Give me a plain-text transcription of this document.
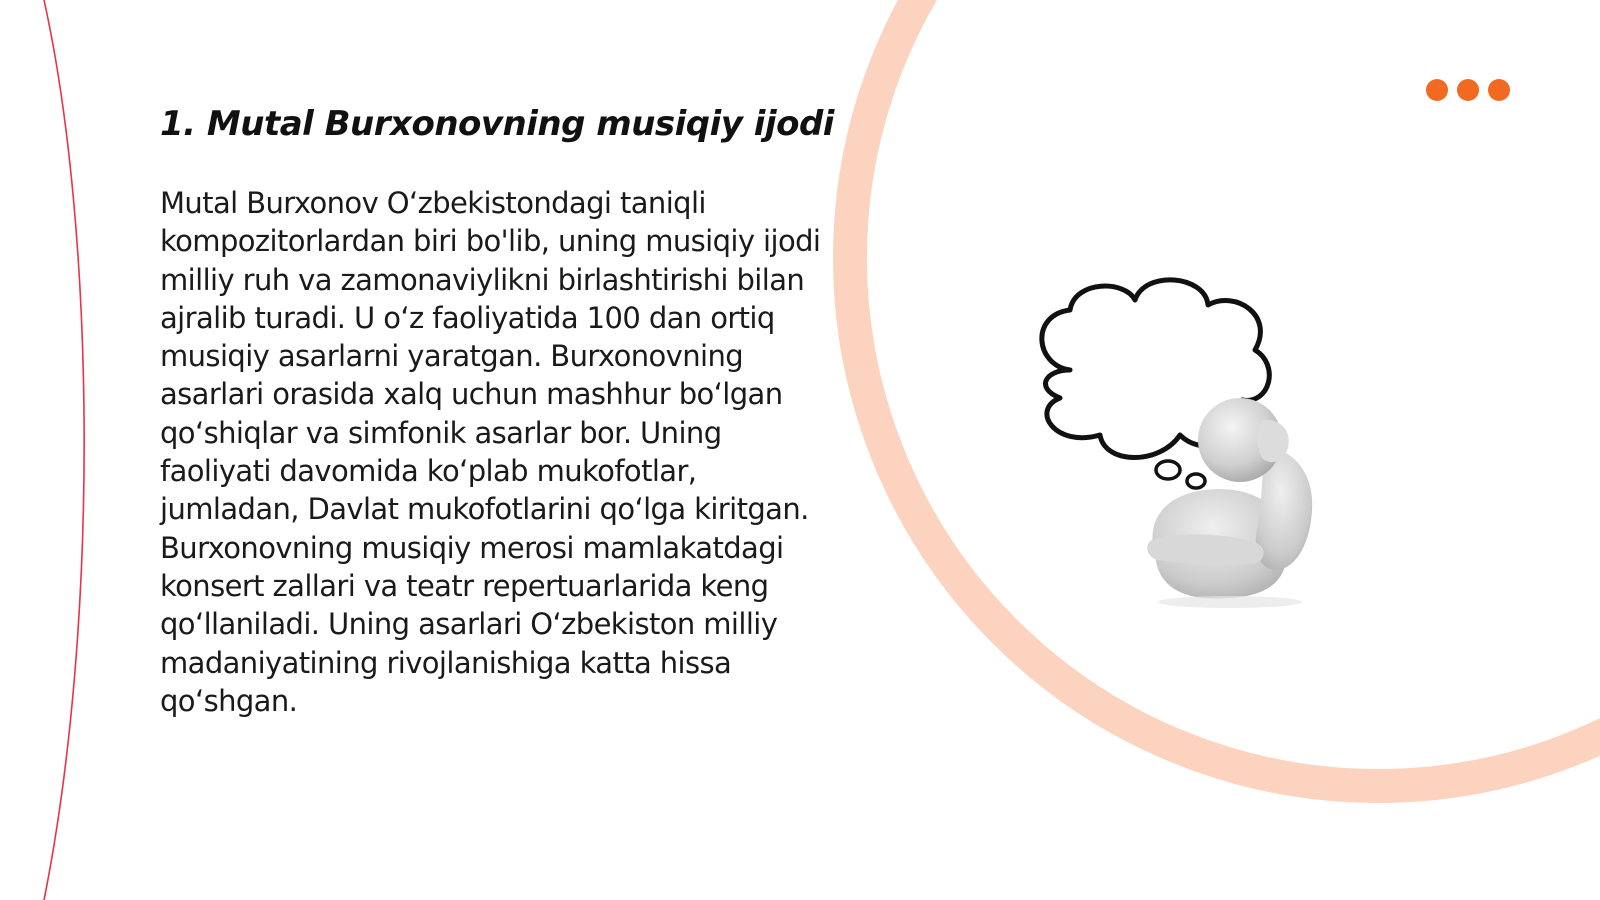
1. Mutal Burxonovning musiqiy ijodi

Mutal Burxonov O‘zbekistondagi taniqli kompozitorlardan biri bo'lib, uning musiqiy ijodi milliy ruh va zamonaviylikni birlashtirishi bilan ajralib turadi. U o‘z faoliyatida 100 dan ortiq musiqiy asarlarni yaratgan. Burxonovning asarlari orasida xalq uchun mashhur bo‘lgan qo‘shiqlar va simfonik asarlar bor. Uning faoliyati davomida ko‘plab mukofotlar, jumladan, Davlat mukofotlarini qo‘lga kiritgan. Burxonovning musiqiy merosi mamlakatdagi konsert zallari va teatr repertuarlarida keng qo‘llaniladi. Uning asarlari O‘zbekiston milliy madaniyatining rivojlanishiga katta hissa qo‘shgan.
